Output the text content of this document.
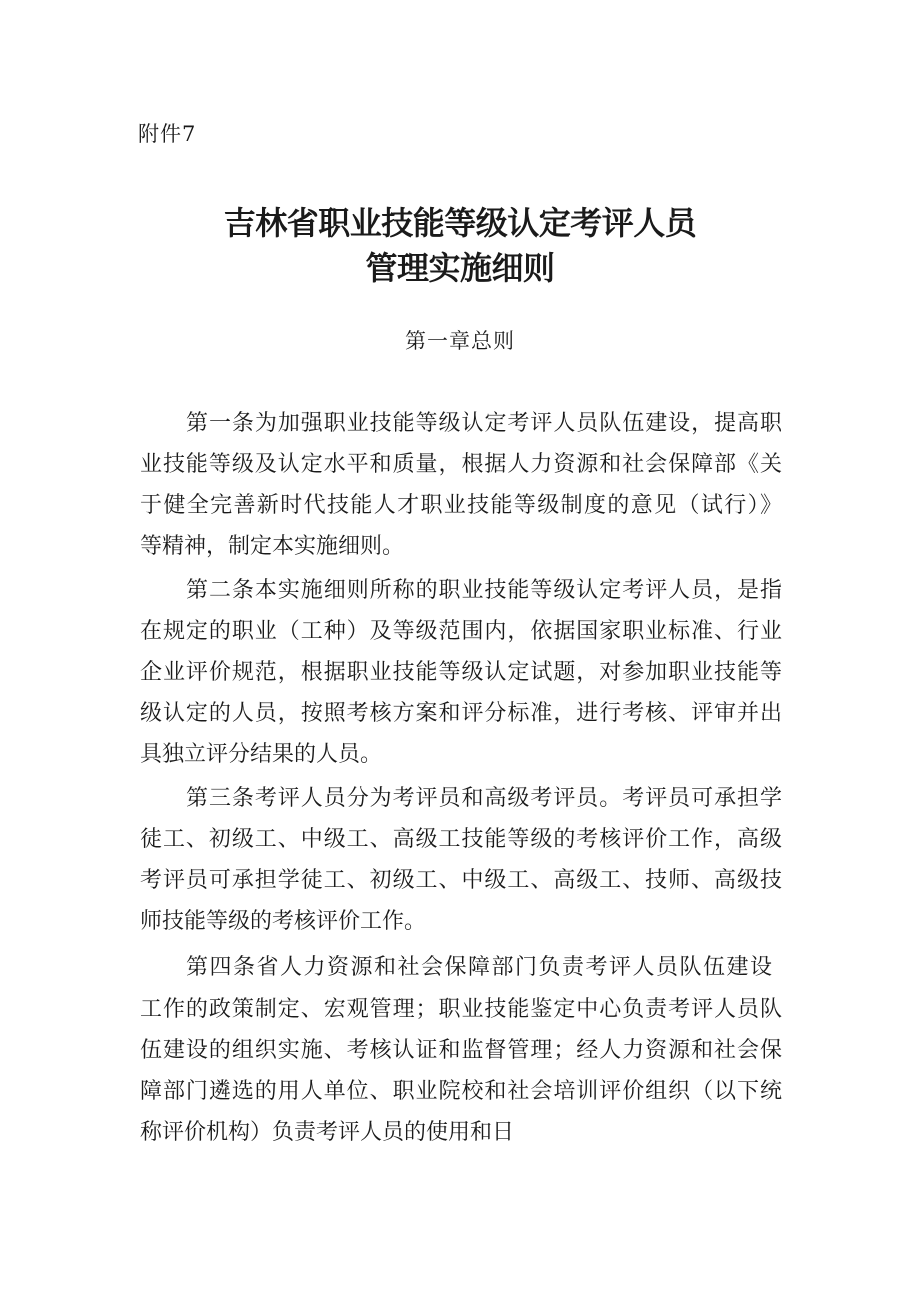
附件7
吉林省职业技能等级认定考评人员
管理实施细则
第一章总则
第一条为加强职业技能等级认定考评人员队伍建设，提高职
业技能等级及认定水平和质量，根据人力资源和社会保障部《关
于健全完善新时代技能人才职业技能等级制度的意见（试行）》
等精神，制定本实施细则。
第二条本实施细则所称的职业技能等级认定考评人员，是指
在规定的职业（工种）及等级范围内，依据国家职业标准、行业
企业评价规范，根据职业技能等级认定试题，对参加职业技能等
级认定的人员，按照考核方案和评分标准，进行考核、评审并出
具独立评分结果的人员。
第三条考评人员分为考评员和高级考评员。考评员可承担学
徒工、初级工、中级工、高级工技能等级的考核评价工作，高级
考评员可承担学徒工、初级工、中级工、高级工、技师、高级技
师技能等级的考核评价工作。
第四条省人力资源和社会保障部门负责考评人员队伍建设
工作的政策制定、宏观管理；职业技能鉴定中心负责考评人员队
伍建设的组织实施、考核认证和监督管理；经人力资源和社会保
障部门遴选的用人单位、职业院校和社会培训评价组织（以下统
称评价机构）负责考评人员的使用和日
